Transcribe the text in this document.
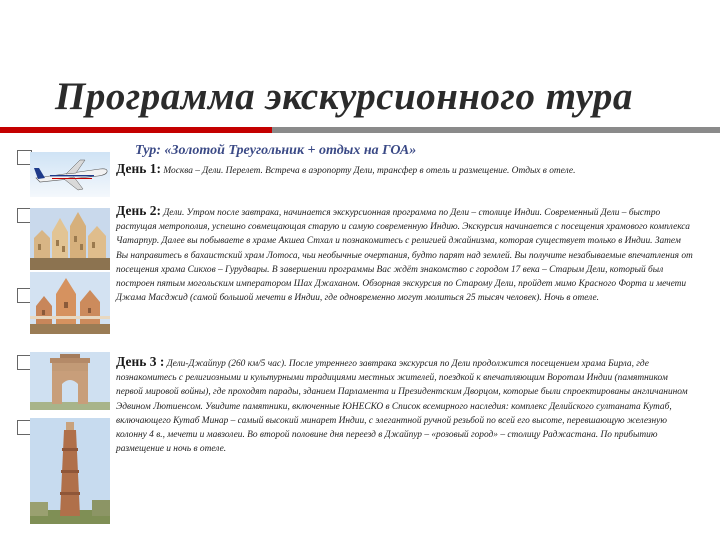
Программа экскурсионного тура

Тур: «Золотой Треугольник + отдых на ГОА»

День 1: Москва – Дели. Перелет. Встреча в аэропорту Дели, трансфер в отель и размещение. Отдых в отеле.

День 2: Дели. Утром после завтрака, начинается экскурсионная программа по Дели – столице Индии. Современный Дели – быстро растущая метрополия, успешно совмещающая старую и самую современную Индию. Экскурсия начинается с посещения храмового комплекса Чатарпур. Далее вы побываете в храме Акшеа Стхал и познакомитесь с религией джайнизма, которая существует только в Индии. Затем Вы направитесь в бахаистский храм Лотоса, чьи необычные очертания, будто парят над землей. Вы получите незабываемые впечатления от посещения храма Сикхов – Гурудвары. В завершении программы Вас ждёт знакомство с городом 17 века – Старым Дели, который был построен пятым могольским императором Шах Джаханом. Обзорная экскурсия по Старому Дели, пройдет мимо Красного Форта и мечети Джама Масджид (самой большой мечети в Индии, где одновременно могут молиться 25 тысяч человек). Ночь в отеле.

День 3 : Дели-Джайпур (260 км/5 час). После утреннего завтрака экскурсия по Дели продолжится посещением храма Бирла, где познакомитесь с религиозными и культурными традициями местных жителей, поездкой к впечатляющим Воротам Индии (памятником первой мировой войны), где проходят парады, зданием Парламента и Президентским Дворцом, которые были спроектированы англичанином Эдвином Лютиенсом. Увидите памятники, включенные ЮНЕСКО в Список всемирного наследия: комплекс Делийского султаната Кутаб, включающего Кутаб Минар – самый высокий минарет Индии, с элегантной ручной резьбой по всей его высоте, перевшающую железную колонну 4 в., мечети и мавзолеи. Во второй половине дня переезд в Джайпур – «розовый город» – столицу Раджастана. По прибытию размещение и ночь в отеле.
